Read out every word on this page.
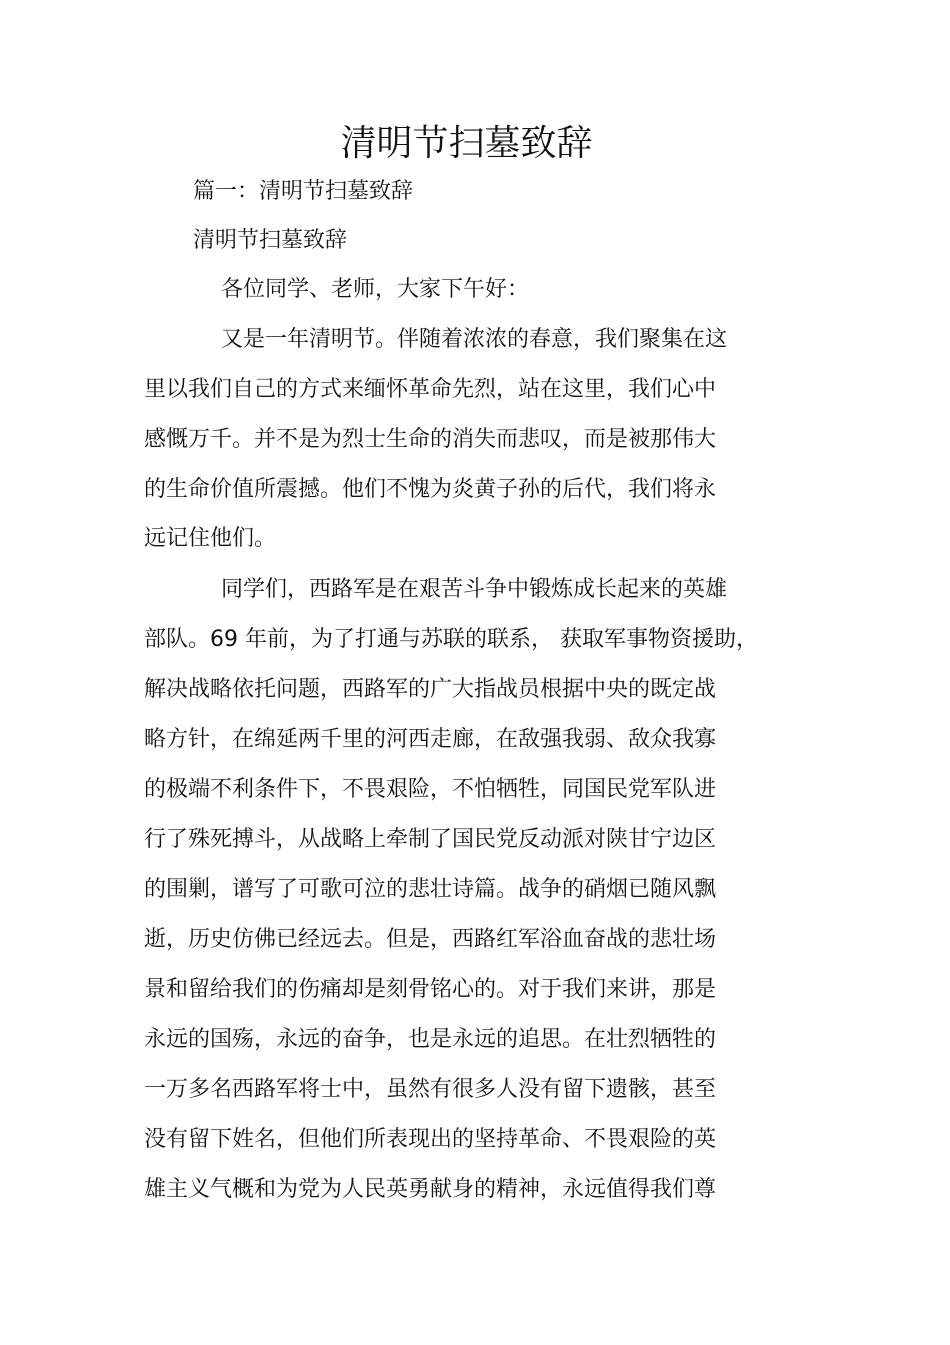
清明节扫墓致辞
篇一：清明节扫墓致辞
清明节扫墓致辞
各位同学、老师，大家下午好：
又是一年清明节。伴随着浓浓的春意，我们聚集在这
里以我们自己的方式来缅怀革命先烈，站在这里，我们心中
感慨万千。并不是为烈士生命的消失而悲叹，而是被那伟大
的生命价值所震撼。他们不愧为炎黄子孙的后代，我们将永
远记住他们。
同学们，西路军是在艰苦斗争中锻炼成长起来的英雄
部队。69 年前，为了打通与苏联的联系， 获取军事物资援助，
解决战略依托问题，西路军的广大指战员根据中央的既定战
略方针，在绵延两千里的河西走廊，在敌强我弱、敌众我寡
的极端不利条件下，不畏艰险，不怕牺牲，同国民党军队进
行了殊死搏斗，从战略上牵制了国民党反动派对陕甘宁边区
的围剿，谱写了可歌可泣的悲壮诗篇。战争的硝烟已随风飘
逝，历史仿佛已经远去。但是，西路红军浴血奋战的悲壮场
景和留给我们的伤痛却是刻骨铭心的。对于我们来讲，那是
永远的国殇，永远的奋争，也是永远的追思。在壮烈牺牲的
一万多名西路军将士中，虽然有很多人没有留下遗骸，甚至
没有留下姓名，但他们所表现出的坚持革命、不畏艰险的英
雄主义气概和为党为人民英勇献身的精神，永远值得我们尊
